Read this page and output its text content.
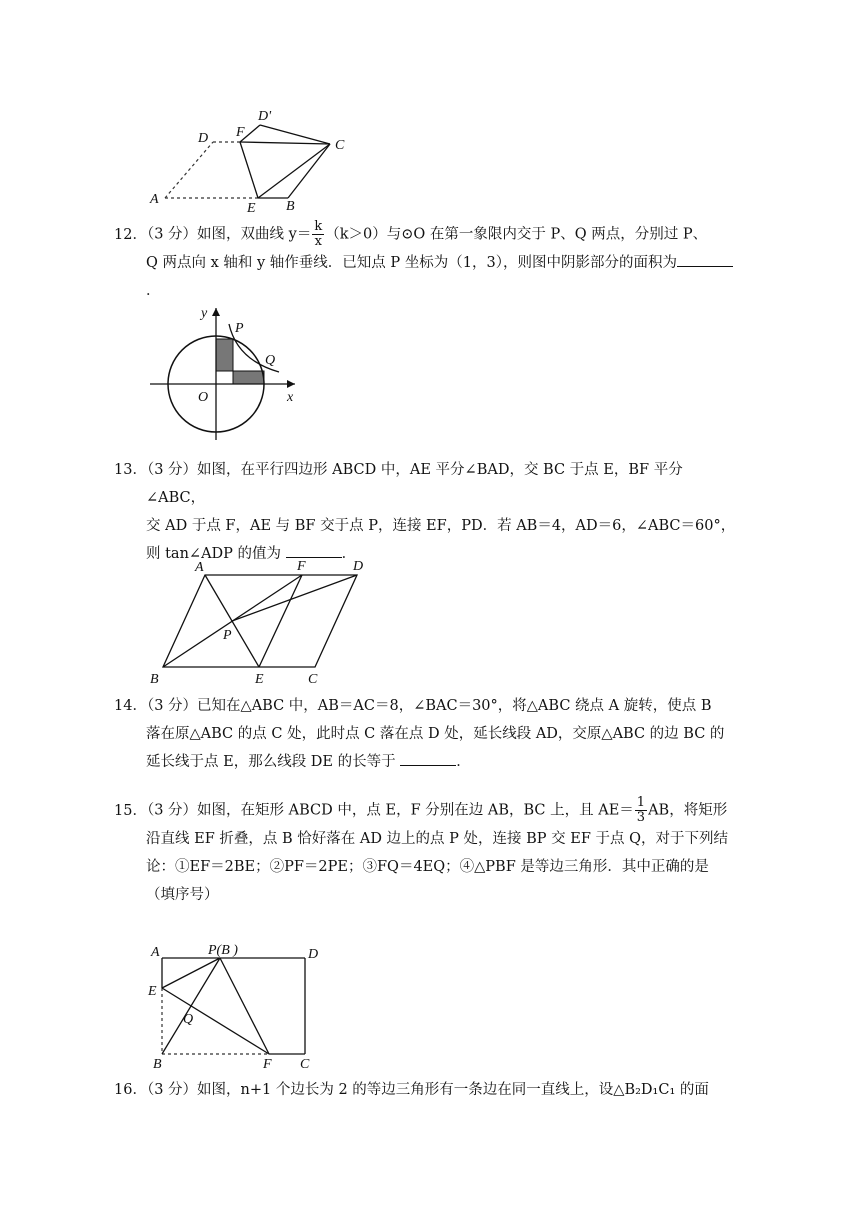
D F
D'
C
A
E B

12．（3 分）如图，双曲线 $y= \frac{k}{x} (k>0)$与⊙O 在第一象限内交于 P、Q 两点，分别过 P、

Q 两点向 x 轴和 y 轴作垂线．已知点 P 坐标为（1，3），则图中阴影部分的面积为．

y
P
Q
O	x

13．（3 分）如图，在平行四边形 ABCD 中，AE 平分∠BAD，交 BC 于点 E，BF 平分∠ABC，

交 AD 于点 F，AE 与 BF 交于点 P，连接 EF，PD．若 AB＝4，AD＝6，∠ABC＝60°，

则 tan∠ADP 的值为	．

A	F	D
P
B	E	C

14．（3 分）已知在△ABC 中，AB＝AC＝8，∠BAC＝30°，将△ABC 绕点 A 旋转，使点 B

落在原△ABC 的点 C 处，此时点 C 落在点 D 处，延长线段 AD，交原△ABC 的边 BC 的

延长线于点 E，那么线段 DE 的长等于	．

15．（3 分）如图，在矩形 ABCD 中，点 E，F 分别在边 AB，BC 上，且 $AE= \frac{1}{3}$ AB，将矩形

沿直线 EF 折叠，点 B 恰好落在 AD 边上的点 P 处，连接 BP 交 EF 于点 Q，对于下列结

论：①EF＝2BE；②PF＝2PE；③FQ＝4EQ；④△PBF 是等边三角形．其中正确的是

（填序号）

A	P(B )	D
E
Q
B	F C

16．（3 分）如图，n+1 个边长为 2 的等边三角形有一条边在同一直线上，设△B₂D₁C₁ 的面
